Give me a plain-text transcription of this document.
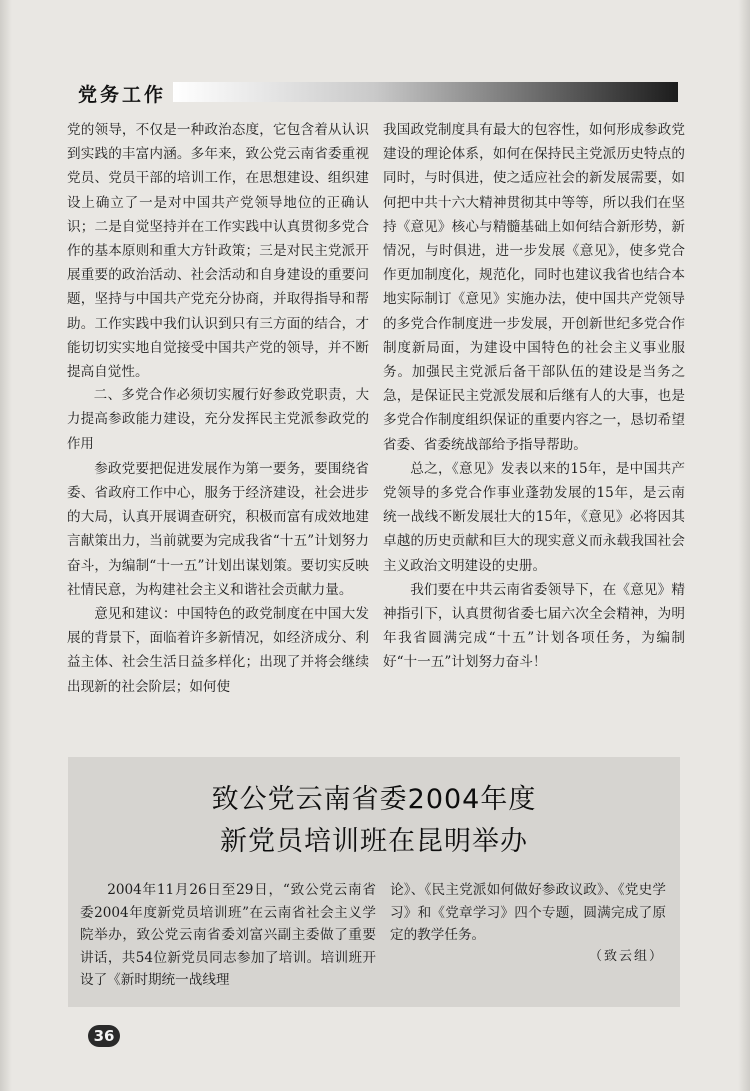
党务工作

党的领导，不仅是一种政治态度，它包含着从认识到实践的丰富内涵。多年来，致公党云南省委重视党员、党员干部的培训工作，在思想建设、组织建设上确立了一是对中国共产党领导地位的正确认识；二是自觉坚持并在工作实践中认真贯彻多党合作的基本原则和重大方针政策；三是对民主党派开展重要的政治活动、社会活动和自身建设的重要问题，坚持与中国共产党充分协商，并取得指导和帮助。工作实践中我们认识到只有三方面的结合，才能切切实实地自觉接受中国共产党的领导，并不断提高自觉性。

二、多党合作必须切实履行好参政党职责，大力提高参政能力建设，充分发挥民主党派参政党的作用

参政党要把促进发展作为第一要务，要围绕省委、省政府工作中心，服务于经济建设，社会进步的大局，认真开展调查研究，积极而富有成效地建言献策出力，当前就要为完成我省“十五”计划努力奋斗，为编制“十一五”计划出谋划策。要切实反映社情民意，为构建社会主义和谐社会贡献力量。

意见和建议：中国特色的政党制度在中国大发展的背景下，面临着许多新情况，如经济成分、利益主体、社会生活日益多样化；出现了并将会继续出现新的社会阶层；如何使

我国政党制度具有最大的包容性，如何形成参政党建设的理论体系，如何在保持民主党派历史特点的同时，与时俱进，使之适应社会的新发展需要，如何把中共十六大精神贯彻其中等等，所以我们在坚持《意见》核心与精髓基础上如何结合新形势，新情况，与时俱进，进一步发展《意见》，使多党合作更加制度化，规范化，同时也建议我省也结合本地实际制订《意见》实施办法，使中国共产党领导的多党合作制度进一步发展，开创新世纪多党合作制度新局面，为建设中国特色的社会主义事业服务。加强民主党派后备干部队伍的建设是当务之急，是保证民主党派发展和后继有人的大事，也是多党合作制度组织保证的重要内容之一，恳切希望省委、省委统战部给予指导帮助。

总之，《意见》发表以来的15年，是中国共产党领导的多党合作事业蓬勃发展的15年，是云南统一战线不断发展壮大的15年，《意见》必将因其卓越的历史贡献和巨大的现实意义而永载我国社会主义政治文明建设的史册。

我们要在中共云南省委领导下，在《意见》精神指引下，认真贯彻省委七届六次全会精神，为明年我省圆满完成“十五”计划各项任务，为编制好“十一五”计划努力奋斗！

致公党云南省委2004年度
新党员培训班在昆明举办

2004年11月26日至29日，“致公党云南省委2004年度新党员培训班”在云南省社会主义学院举办，致公党云南省委刘富兴副主委做了重要讲话，共54位新党员同志参加了培训。培训班开设了《新时期统一战线理

论》、《民主党派如何做好参政议政》、《党史学习》和《党章学习》四个专题，圆满完成了原定的教学任务。

（致云组）
36
